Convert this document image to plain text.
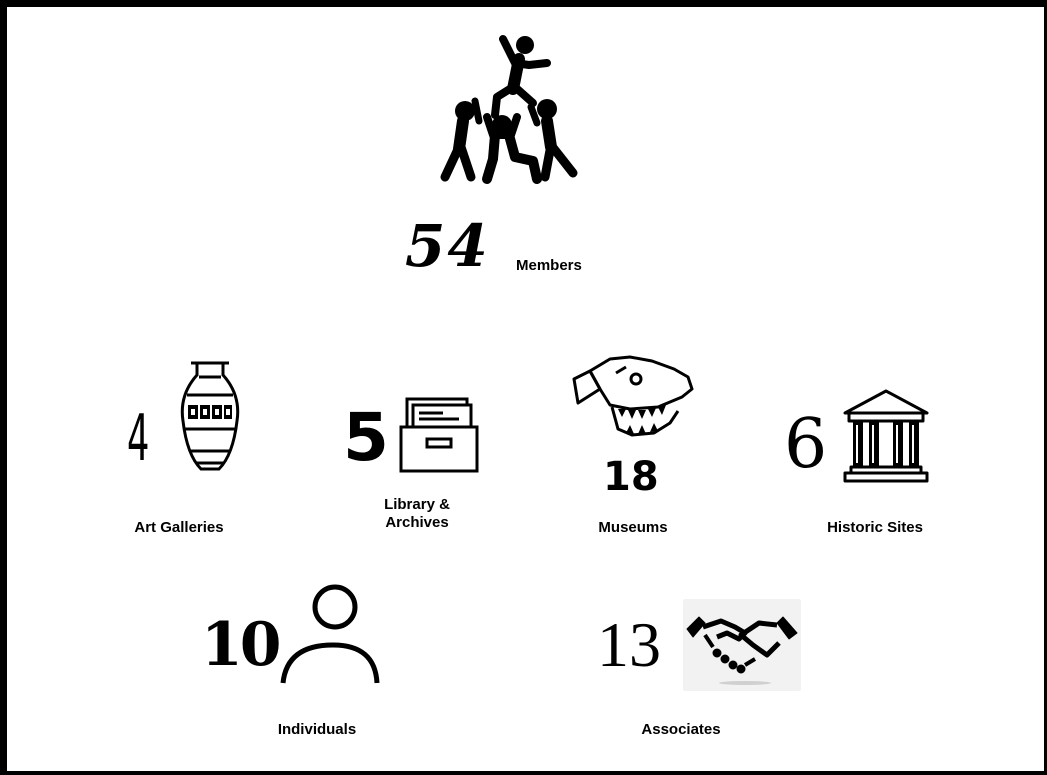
54 Members
4
Art Galleries
5
Library &
Archives
18
Museums
6
Historic Sites
10
Individuals
13
Associates
